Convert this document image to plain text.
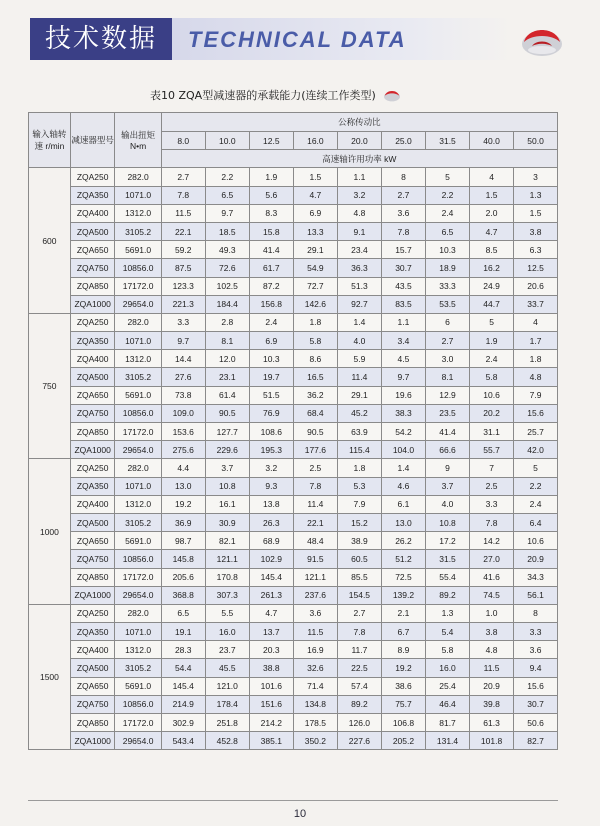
技术数据	TECHNICAL DATA
表10 ZQA型减速器的承载能力(连续工作类型)
输入轴转速 r/min	减速器型号	输出扭矩 N•m	公称传动比								
			8.0	10.0	12.5	16.0	20.0	25.0	31.5	40.0	50.0
			高速轴许用功率 kW								
600	ZQA250	282.0	2.7	2.2	1.9	1.5	1.1	8	5	4	3
	ZQA350	1071.0	7.8	6.5	5.6	4.7	3.2	2.7	2.2	1.5	1.3
	ZQA400	1312.0	11.5	9.7	8.3	6.9	4.8	3.6	2.4	2.0	1.5
	ZQA500	3105.2	22.1	18.5	15.8	13.3	9.1	7.8	6.5	4.7	3.8
	ZQA650	5691.0	59.2	49.3	41.4	29.1	23.4	15.7	10.3	8.5	6.3
	ZQA750	10856.0	87.5	72.6	61.7	54.9	36.3	30.7	18.9	16.2	12.5
	ZQA850	17172.0	123.3	102.5	87.2	72.7	51.3	43.5	33.3	24.9	20.6
	ZQA1000	29654.0	221.3	184.4	156.8	142.6	92.7	83.5	53.5	44.7	33.7
750	ZQA250	282.0	3.3	2.8	2.4	1.8	1.4	1.1	6	5	4
	ZQA350	1071.0	9.7	8.1	6.9	5.8	4.0	3.4	2.7	1.9	1.7
	ZQA400	1312.0	14.4	12.0	10.3	8.6	5.9	4.5	3.0	2.4	1.8
	ZQA500	3105.2	27.6	23.1	19.7	16.5	11.4	9.7	8.1	5.8	4.8
	ZQA650	5691.0	73.8	61.4	51.5	36.2	29.1	19.6	12.9	10.6	7.9
	ZQA750	10856.0	109.0	90.5	76.9	68.4	45.2	38.3	23.5	20.2	15.6
	ZQA850	17172.0	153.6	127.7	108.6	90.5	63.9	54.2	41.4	31.1	25.7
	ZQA1000	29654.0	275.6	229.6	195.3	177.6	115.4	104.0	66.6	55.7	42.0
1000	ZQA250	282.0	4.4	3.7	3.2	2.5	1.8	1.4	9	7	5
	ZQA350	1071.0	13.0	10.8	9.3	7.8	5.3	4.6	3.7	2.5	2.2
	ZQA400	1312.0	19.2	16.1	13.8	11.4	7.9	6.1	4.0	3.3	2.4
	ZQA500	3105.2	36.9	30.9	26.3	22.1	15.2	13.0	10.8	7.8	6.4
	ZQA650	5691.0	98.7	82.1	68.9	48.4	38.9	26.2	17.2	14.2	10.6
	ZQA750	10856.0	145.8	121.1	102.9	91.5	60.5	51.2	31.5	27.0	20.9
	ZQA850	17172.0	205.6	170.8	145.4	121.1	85.5	72.5	55.4	41.6	34.3
	ZQA1000	29654.0	368.8	307.3	261.3	237.6	154.5	139.2	89.2	74.5	56.1
1500	ZQA250	282.0	6.5	5.5	4.7	3.6	2.7	2.1	1.3	1.0	8
	ZQA350	1071.0	19.1	16.0	13.7	11.5	7.8	6.7	5.4	3.8	3.3
	ZQA400	1312.0	28.3	23.7	20.3	16.9	11.7	8.9	5.8	4.8	3.6
	ZQA500	3105.2	54.4	45.5	38.8	32.6	22.5	19.2	16.0	11.5	9.4
	ZQA650	5691.0	145.4	121.0	101.6	71.4	57.4	38.6	25.4	20.9	15.6
	ZQA750	10856.0	214.9	178.4	151.6	134.8	89.2	75.7	46.4	39.8	30.7
	ZQA850	17172.0	302.9	251.8	214.2	178.5	126.0	106.8	81.7	61.3	50.6
	ZQA1000	29654.0	543.4	452.8	385.1	350.2	227.6	205.2	131.4	101.8	82.7
10
